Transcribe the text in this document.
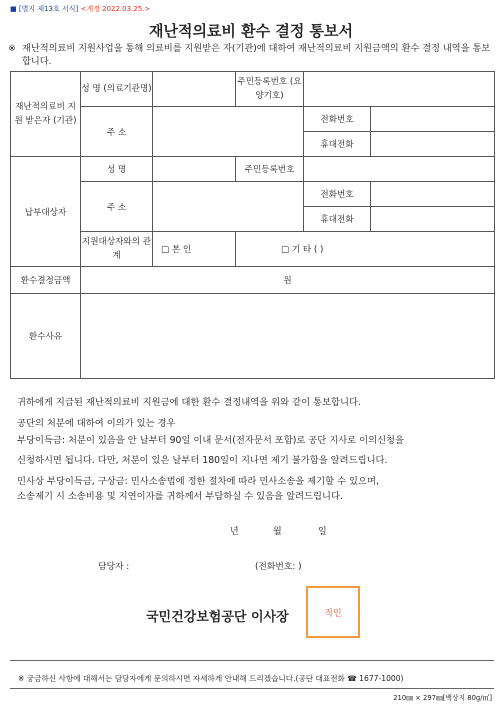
■ [별지 제13호 서식] <개정 2022.03.25.>
재난적의료비 환수 결정 통보서
※ 재난적의료비 지원사업을 통해 의료비를 지원받은 자(기관)에 대하여 재난적의료비 지원금액의 환수 결정 내역을 통보합니다.
재난적의료비 지원 받은자 (기관)	성 명 (의료기관명)		주민등록번호 (요양기호)		
	주 소			전화번호	
				휴대전화	
납부대상자	성 명		주민등록번호		
	주 소			전화번호	
				휴대전화	
	지원대상자와의 관계	□ 본 인	□ 기 타 ( )		
환수결정금액	원				
환수사유					
귀하에게 지급된 재난적의료비 지원금에 대한 환수 결정내역을 위와 같이 통보합니다.
공단의 처분에 대하여 이의가 있는 경우
부당이득금: 처분이 있음을 안 날부터 90일 이내 문서(전자문서 포함)로 공단 지사로 이의신청을
신청하시면 됩니다. 다만, 처분이 있은 날부터 180일이 지나면 제기 불가함을 알려드립니다.
민사상 부당이득금, 구상금: 민사소송법에 정한 절차에 따라 민사소송을 제기할 수 있으며,
소송제기 시 소송비용 및 지연이자를 귀하께서 부담하실 수 있음을 알려드립니다.
년	월	일
담당자 :	(전화번호: )
국민건강보험공단 이사장	직인
※ 궁금하신 사항에 대해서는 담당자에게 문의하시면 자세하게 안내해 드리겠습니다.(공단 대표전화 ☎ 1677-1000)
210㎜ × 297㎜[백상지 80g/㎡]
